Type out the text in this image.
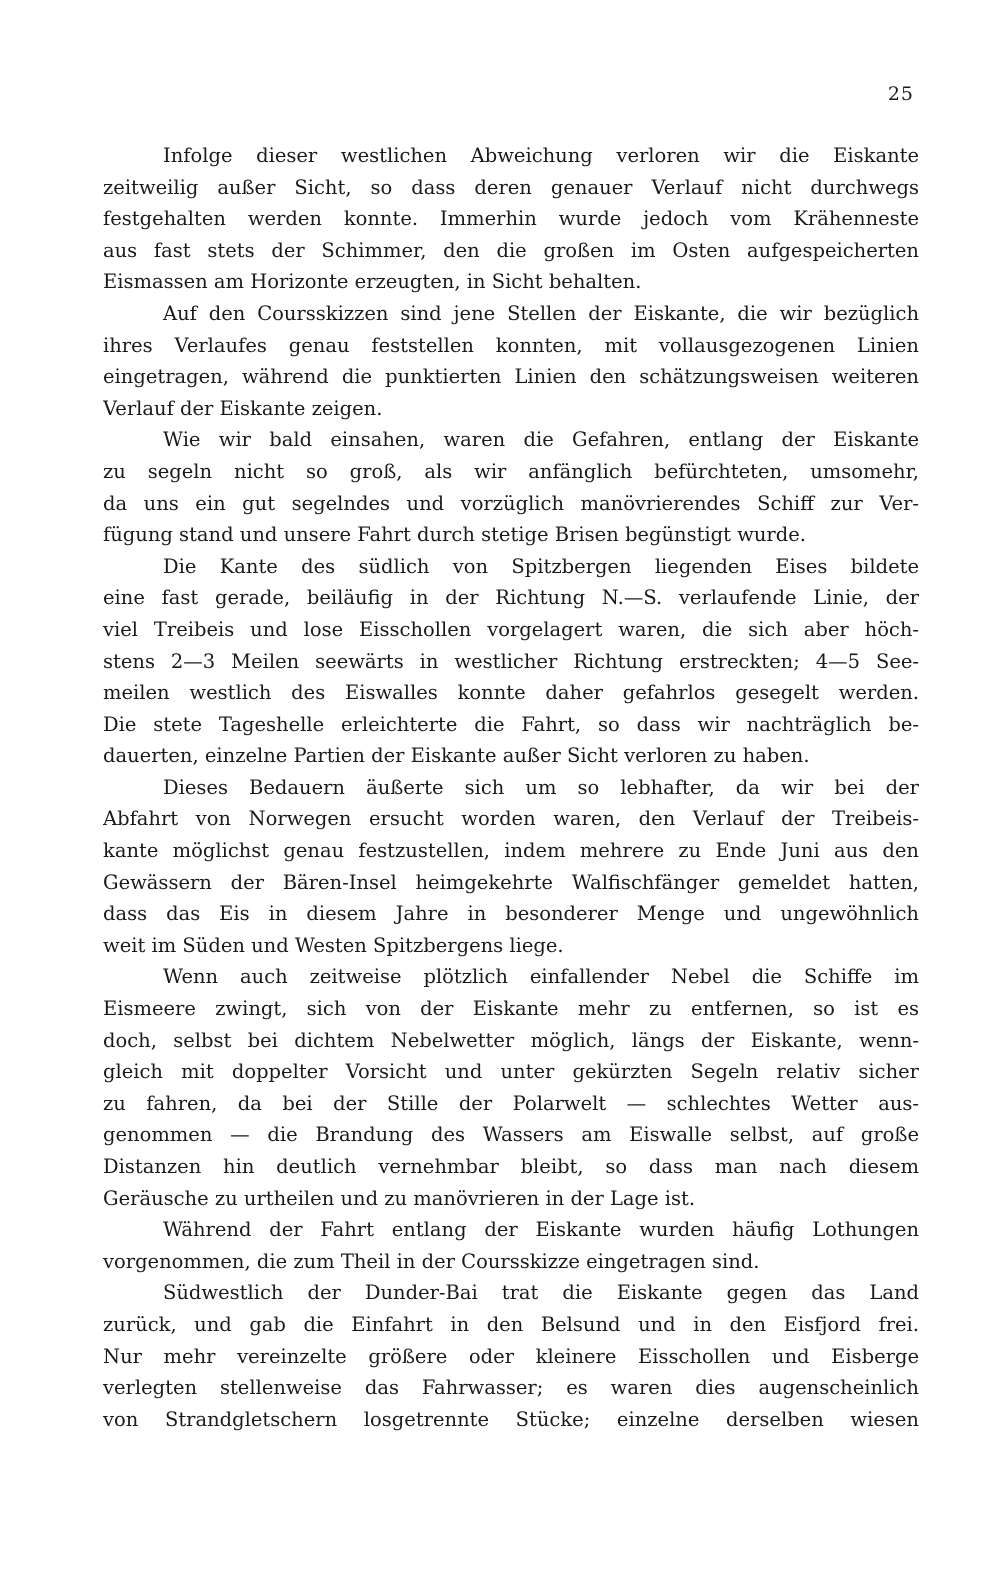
25
Infolge dieser westlichen Abweichung verloren wir die Eiskante
zeitweilig außer Sicht, so dass deren genauer Verlauf nicht durchwegs
festgehalten werden konnte. Immerhin wurde jedoch vom Krähenneste
aus fast stets der Schimmer, den die großen im Osten aufgespeicherten
Eismassen am Horizonte erzeugten, in Sicht behalten.
Auf den Coursskizzen sind jene Stellen der Eiskante, die wir bezüglich
ihres Verlaufes genau feststellen konnten, mit vollausgezogenen Linien
eingetragen, während die punktierten Linien den schätzungsweisen weiteren
Verlauf der Eiskante zeigen.
Wie wir bald einsahen, waren die Gefahren, entlang der Eiskante
zu segeln nicht so groß, als wir anfänglich befürchteten, umsomehr,
da uns ein gut segelndes und vorzüglich manövrierendes Schiff zur Ver-
fügung stand und unsere Fahrt durch stetige Brisen begünstigt wurde.
Die Kante des südlich von Spitzbergen liegenden Eises bildete
eine fast gerade, beiläufig in der Richtung N.—S. verlaufende Linie, der
viel Treibeis und lose Eisschollen vorgelagert waren, die sich aber höch-
stens 2—3 Meilen seewärts in westlicher Richtung erstreckten; 4—5 See-
meilen westlich des Eiswalles konnte daher gefahrlos gesegelt werden.
Die stete Tageshelle erleichterte die Fahrt, so dass wir nachträglich be-
dauerten, einzelne Partien der Eiskante außer Sicht verloren zu haben.
Dieses Bedauern äußerte sich um so lebhafter, da wir bei der
Abfahrt von Norwegen ersucht worden waren, den Verlauf der Treibeis-
kante möglichst genau festzustellen, indem mehrere zu Ende Juni aus den
Gewässern der Bären-Insel heimgekehrte Walfischfänger gemeldet hatten,
dass das Eis in diesem Jahre in besonderer Menge und ungewöhnlich
weit im Süden und Westen Spitzbergens liege.
Wenn auch zeitweise plötzlich einfallender Nebel die Schiffe im
Eismeere zwingt, sich von der Eiskante mehr zu entfernen, so ist es
doch, selbst bei dichtem Nebelwetter möglich, längs der Eiskante, wenn-
gleich mit doppelter Vorsicht und unter gekürzten Segeln relativ sicher
zu fahren, da bei der Stille der Polarwelt — schlechtes Wetter aus-
genommen — die Brandung des Wassers am Eiswalle selbst, auf große
Distanzen hin deutlich vernehmbar bleibt, so dass man nach diesem
Geräusche zu urtheilen und zu manövrieren in der Lage ist.
Während der Fahrt entlang der Eiskante wurden häufig Lothungen
vorgenommen, die zum Theil in der Coursskizze eingetragen sind.
Südwestlich der Dunder-Bai trat die Eiskante gegen das Land
zurück, und gab die Einfahrt in den Belsund und in den Eisfjord frei.
Nur mehr vereinzelte größere oder kleinere Eisschollen und Eisberge
verlegten stellenweise das Fahrwasser; es waren dies augenscheinlich
von Strandgletschern losgetrennte Stücke; einzelne derselben wiesen
